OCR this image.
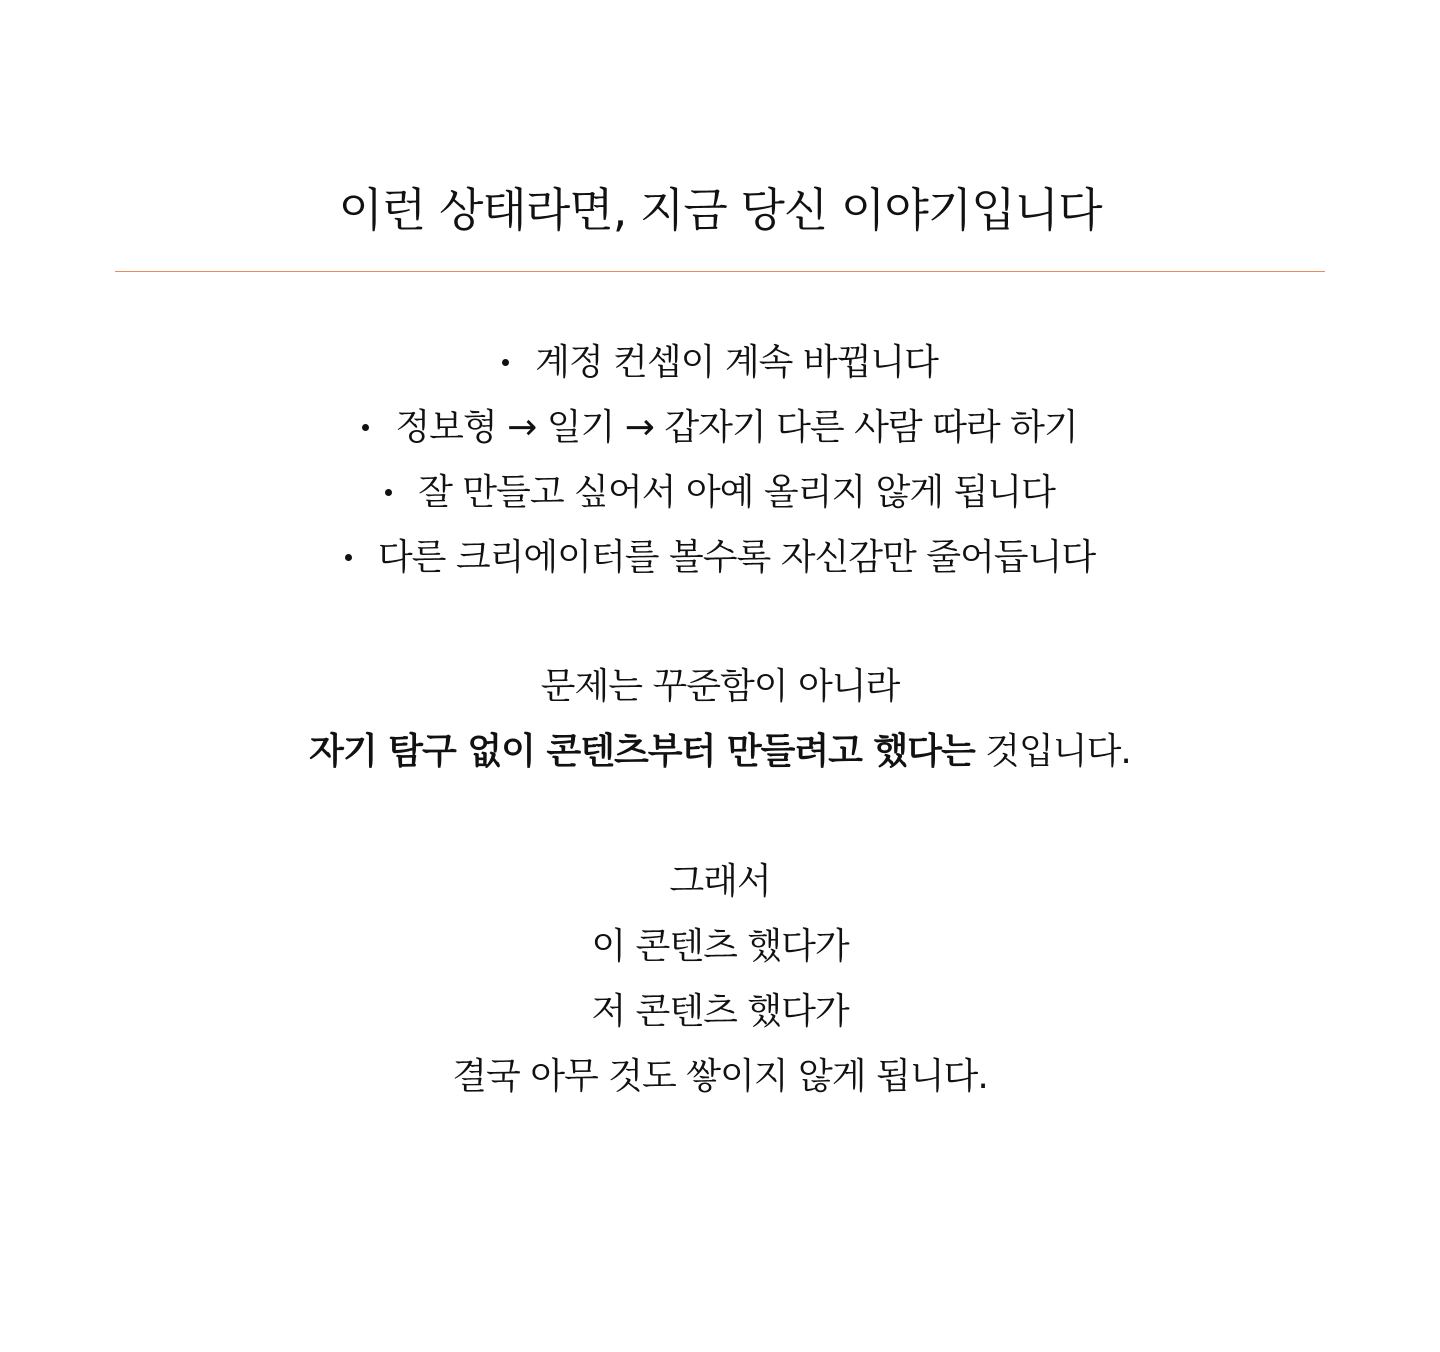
이런 상태라면, 지금 당신 이야기입니다
계정 컨셉이 계속 바뀝니다
정보형 → 일기 → 갑자기 다른 사람 따라 하기
잘 만들고 싶어서 아예 올리지 않게 됩니다
다른 크리에이터를 볼수록 자신감만 줄어듭니다

문제는 꾸준함이 아니라

자기 탐구 없이 콘텐츠부터 만들려고 했다는 것입니다.

그래서

이 콘텐츠 했다가

저 콘텐츠 했다가

결국 아무 것도 쌓이지 않게 됩니다.
